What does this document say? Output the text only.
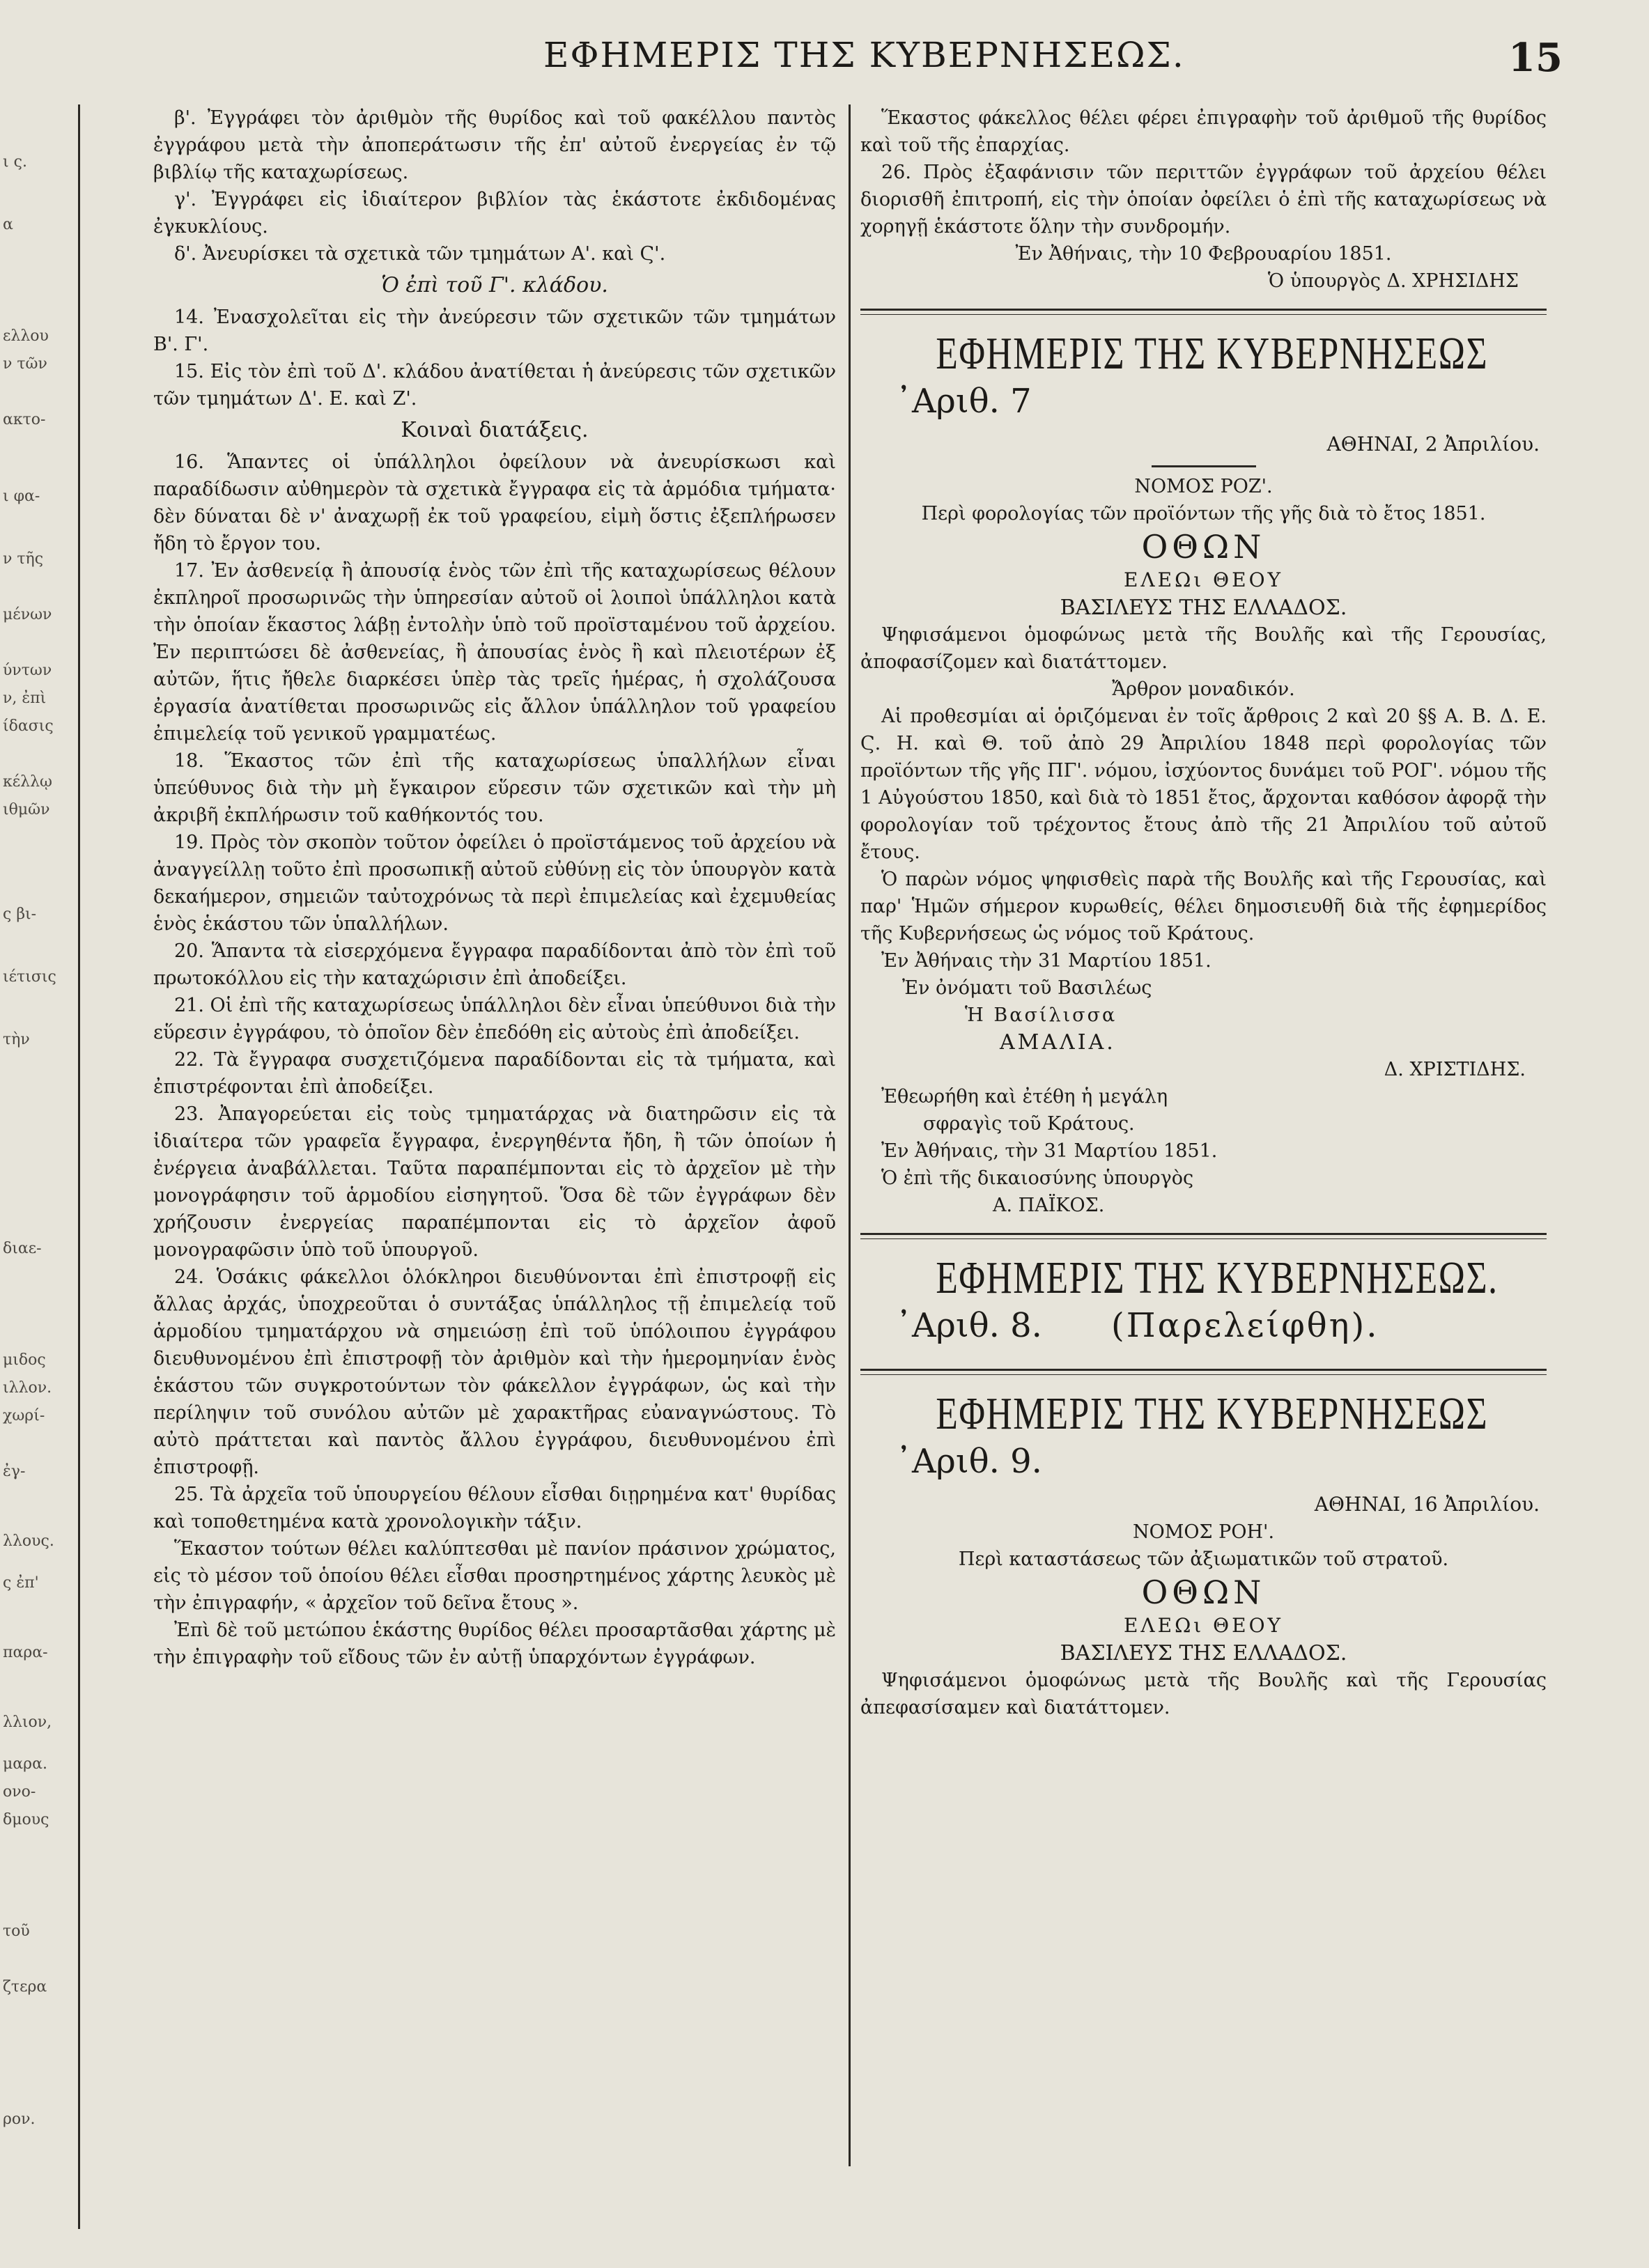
ι ς.
α
ελλου
ν τῶν
ακτο-
ι φα-
ν τῆς
μένων
ύντων
ν, ἐπὶ
ίδασις
κέλλῳ
ιθμῶν
ς βι-
ιέτισις
τὴν
διαε-
μιδος
ιλλον.
χωρί-
ἐγ-
λλους.
ς ἐπ'
παρα-
λλιον,
μαρα.
ονο-
δμους
τοῦ
ζτερα
ρον.
ΕΦΗΜΕΡΙΣ ΤΗΣ ΚΥΒΕΡΝΗΣΕΩΣ.	15

β'. Ἐγγράφει τὸν ἀριθμὸν τῆς θυρίδος καὶ τοῦ φακέλλου παντὸς ἐγγράφου μετὰ τὴν ἀποπεράτωσιν τῆς ἐπ' αὐτοῦ ἐνεργείας ἐν τῷ βιβλίῳ τῆς καταχωρίσεως.

γ'. Ἐγγράφει εἰς ἰδιαίτερον βιβλίον τὰς ἑκάστοτε ἐκδιδομένας ἐγκυκλίους.

δ'. Ἀνευρίσκει τὰ σχετικὰ τῶν τμημάτων Α'. καὶ Ϛ'.

Ὁ ἐπὶ τοῦ Γ'. κλάδου.

14. Ἐνασχολεῖται εἰς τὴν ἀνεύρεσιν τῶν σχετικῶν τῶν τμημάτων Β'. Γ'.

15. Εἰς τὸν ἐπὶ τοῦ Δ'. κλάδου ἀνατίθεται ἡ ἀνεύρεσις τῶν σχετικῶν τῶν τμημάτων Δ'. Ε. καὶ Ζ'.

Κοιναὶ διατάξεις.

16. Ἅπαντες οἱ ὑπάλληλοι ὀφείλουν νὰ ἀνευρίσκωσι καὶ παραδίδωσιν αὐθημερὸν τὰ σχετικὰ ἔγγραφα εἰς τὰ ἁρμόδια τμήματα· δὲν δύναται δὲ ν' ἀναχωρῇ ἐκ τοῦ γραφείου, εἰμὴ ὅστις ἐξεπλήρωσεν ἤδη τὸ ἔργον του.

17. Ἐν ἀσθενείᾳ ἢ ἀπουσίᾳ ἑνὸς τῶν ἐπὶ τῆς καταχωρίσεως θέλουν ἐκπληροῖ προσωρινῶς τὴν ὑπηρεσίαν αὐτοῦ οἱ λοιποὶ ὑπάλληλοι κατὰ τὴν ὁποίαν ἕκαστος λάβῃ ἐντολὴν ὑπὸ τοῦ προϊσταμένου τοῦ ἀρχείου. Ἐν περιπτώσει δὲ ἀσθενείας, ἢ ἀπουσίας ἑνὸς ἢ καὶ πλειοτέρων ἐξ αὐτῶν, ἥτις ἤθελε διαρκέσει ὑπὲρ τὰς τρεῖς ἡμέρας, ἡ σχολάζουσα ἐργασία ἀνατίθεται προσωρινῶς εἰς ἄλλον ὑπάλληλον τοῦ γραφείου ἐπιμελείᾳ τοῦ γενικοῦ γραμματέως.

18. Ἕκαστος τῶν ἐπὶ τῆς καταχωρίσεως ὑπαλλήλων εἶναι ὑπεύθυνος διὰ τὴν μὴ ἔγκαιρον εὕρεσιν τῶν σχετικῶν καὶ τὴν μὴ ἀκριβῆ ἐκπλήρωσιν τοῦ καθήκοντός του.

19. Πρὸς τὸν σκοπὸν τοῦτον ὀφείλει ὁ προϊστάμενος τοῦ ἀρχείου νὰ ἀναγγείλλῃ τοῦτο ἐπὶ προσωπικῇ αὐτοῦ εὐθύνῃ εἰς τὸν ὑπουργὸν κατὰ δεκαήμερον, σημειῶν ταὐτοχρόνως τὰ περὶ ἐπιμελείας καὶ ἐχεμυθείας ἑνὸς ἑκάστου τῶν ὑπαλλήλων.

20. Ἅπαντα τὰ εἰσερχόμενα ἔγγραφα παραδίδονται ἀπὸ τὸν ἐπὶ τοῦ πρωτοκόλλου εἰς τὴν καταχώρισιν ἐπὶ ἀποδείξει.

21. Οἱ ἐπὶ τῆς καταχωρίσεως ὑπάλληλοι δὲν εἶναι ὑπεύθυνοι διὰ τὴν εὕρεσιν ἐγγράφου, τὸ ὁποῖον δὲν ἐπεδόθη εἰς αὐτοὺς ἐπὶ ἀποδείξει.

22. Τὰ ἔγγραφα συσχετιζόμενα παραδίδονται εἰς τὰ τμήματα, καὶ ἐπιστρέφονται ἐπὶ ἀποδείξει.

23. Ἀπαγορεύεται εἰς τοὺς τμηματάρχας νὰ διατηρῶσιν εἰς τὰ ἰδιαίτερα τῶν γραφεῖα ἔγγραφα, ἐνεργηθέντα ἤδη, ἢ τῶν ὁποίων ἡ ἐνέργεια ἀναβάλλεται. Ταῦτα παραπέμπονται εἰς τὸ ἀρχεῖον μὲ τὴν μονογράφησιν τοῦ ἁρμοδίου εἰσηγητοῦ. Ὅσα δὲ τῶν ἐγγράφων δὲν χρήζουσιν ἐνεργείας παραπέμπονται εἰς τὸ ἀρχεῖον ἀφοῦ μονογραφῶσιν ὑπὸ τοῦ ὑπουργοῦ.

24. Ὁσάκις φάκελλοι ὁλόκληροι διευθύνονται ἐπὶ ἐπιστροφῇ εἰς ἄλλας ἀρχάς, ὑποχρεοῦται ὁ συντάξας ὑπάλληλος τῇ ἐπιμελείᾳ τοῦ ἁρμοδίου τμηματάρχου νὰ σημειώσῃ ἐπὶ τοῦ ὑπόλοιπου ἐγγράφου διευθυνομένου ἐπὶ ἐπιστροφῇ τὸν ἀριθμὸν καὶ τὴν ἡμερομηνίαν ἑνὸς ἑκάστου τῶν συγκροτούντων τὸν φάκελλον ἐγγράφων, ὡς καὶ τὴν περίληψιν τοῦ συνόλου αὐτῶν μὲ χαρακτῆρας εὐαναγνώστους. Τὸ αὐτὸ πράττεται καὶ παντὸς ἄλλου ἐγγράφου, διευθυνομένου ἐπὶ ἐπιστροφῇ.

25. Τὰ ἀρχεῖα τοῦ ὑπουργείου θέλουν εἶσθαι διῃρημένα κατ' θυρίδας καὶ τοποθετημένα κατὰ χρονολογικὴν τάξιν.

Ἕκαστον τούτων θέλει καλύπτεσθαι μὲ πανίον πράσινον χρώματος, εἰς τὸ μέσον τοῦ ὁποίου θέλει εἶσθαι προσηρτημένος χάρτης λευκὸς μὲ τὴν ἐπιγραφήν, « ἀρχεῖον τοῦ δεῖνα ἔτους ».

Ἐπὶ δὲ τοῦ μετώπου ἑκάστης θυρίδος θέλει προσαρτᾶσθαι χάρτης μὲ τὴν ἐπιγραφὴν τοῦ εἴδους τῶν ἐν αὐτῇ ὑπαρχόντων ἐγγράφων.

Ἕκαστος φάκελλος θέλει φέρει ἐπιγραφὴν τοῦ ἀριθμοῦ τῆς θυρίδος καὶ τοῦ τῆς ἐπαρχίας.

26. Πρὸς ἐξαφάνισιν τῶν περιττῶν ἐγγράφων τοῦ ἀρχείου θέλει διορισθῆ ἐπιτροπή, εἰς τὴν ὁποίαν ὀφείλει ὁ ἐπὶ τῆς καταχωρίσεως νὰ χορηγῇ ἑκάστοτε ὅλην τὴν συνδρομήν.

Ἐν Ἀθήναις, τὴν 10 Φεβρουαρίου 1851.

Ὁ ὑπουργὸς Δ. ΧΡΗΣΙΔΗΣ

ΕΦΗΜΕΡΙΣ ΤΗΣ ΚΥΒΕΡΝΗΣΕΩΣ
᾿Αριθ. 7

ΑΘΗΝΑΙ, 2 Ἀπριλίου.

ΝΟΜΟΣ ΡΟΖ'.

Περὶ φορολογίας τῶν προϊόντων τῆς γῆς διὰ τὸ ἔτος 1851.

ΟΘΩΝ

ΕΛΕΩι ΘΕΟΥ

ΒΑΣΙΛΕΥΣ ΤΗΣ ΕΛΛΑΔΟΣ.

Ψηφισάμενοι ὁμοφώνως μετὰ τῆς Βουλῆς καὶ τῆς Γερουσίας, ἀποφασίζομεν καὶ διατάττομεν.

Ἄρθρον μοναδικόν.

Αἱ προθεσμίαι αἱ ὁριζόμεναι ἐν τοῖς ἄρθροις 2 καὶ 20 §§ Α. Β. Δ. Ε. Ϛ. Η. καὶ Θ. τοῦ ἀπὸ 29 Ἀπριλίου 1848 περὶ φορολογίας τῶν προϊόντων τῆς γῆς ΠΓ'. νόμου, ἰσχύοντος δυνάμει τοῦ ΡΟΓ'. νόμου τῆς 1 Αὐγούστου 1850, καὶ διὰ τὸ 1851 ἔτος, ἄρχονται καθόσον ἀφορᾷ τὴν φορολογίαν τοῦ τρέχοντος ἔτους ἀπὸ τῆς 21 Ἀπριλίου τοῦ αὐτοῦ ἔτους.

Ὁ παρὼν νόμος ψηφισθεὶς παρὰ τῆς Βουλῆς καὶ τῆς Γερουσίας, καὶ παρ' Ἡμῶν σήμερον κυρωθείς, θέλει δημοσιευθῆ διὰ τῆς ἐφημερίδος τῆς Κυβερνήσεως ὡς νόμος τοῦ Κράτους.

Ἐν Ἀθήναις τὴν 31 Μαρτίου 1851.

Ἐν ὀνόματι τοῦ Βασιλέως

Ἡ Βασίλισσα

ΑΜΑΛΙΑ.

Δ. ΧΡΙΣΤΙΔΗΣ.

Ἐθεωρήθη καὶ ἐτέθη ἡ μεγάλη

σφραγὶς τοῦ Κράτους.

Ἐν Ἀθήναις, τὴν 31 Μαρτίου 1851.

Ὁ ἐπὶ τῆς δικαιοσύνης ὑπουργὸς

Α. ΠΑΪΚΟΣ.

ΕΦΗΜΕΡΙΣ ΤΗΣ ΚΥΒΕΡΝΗΣΕΩΣ.
᾿Αριθ. 8. (Παρελείφθη).
ΕΦΗΜΕΡΙΣ ΤΗΣ ΚΥΒΕΡΝΗΣΕΩΣ
᾿Αριθ. 9.

ΑΘΗΝΑΙ, 16 Ἀπριλίου.

ΝΟΜΟΣ ΡΟΗ'.

Περὶ καταστάσεως τῶν ἀξιωματικῶν τοῦ στρατοῦ.

ΟΘΩΝ

ΕΛΕΩι ΘΕΟΥ

ΒΑΣΙΛΕΥΣ ΤΗΣ ΕΛΛΑΔΟΣ.

Ψηφισάμενοι ὁμοφώνως μετὰ τῆς Βουλῆς καὶ τῆς Γερουσίας ἀπεφασίσαμεν καὶ διατάττομεν.
